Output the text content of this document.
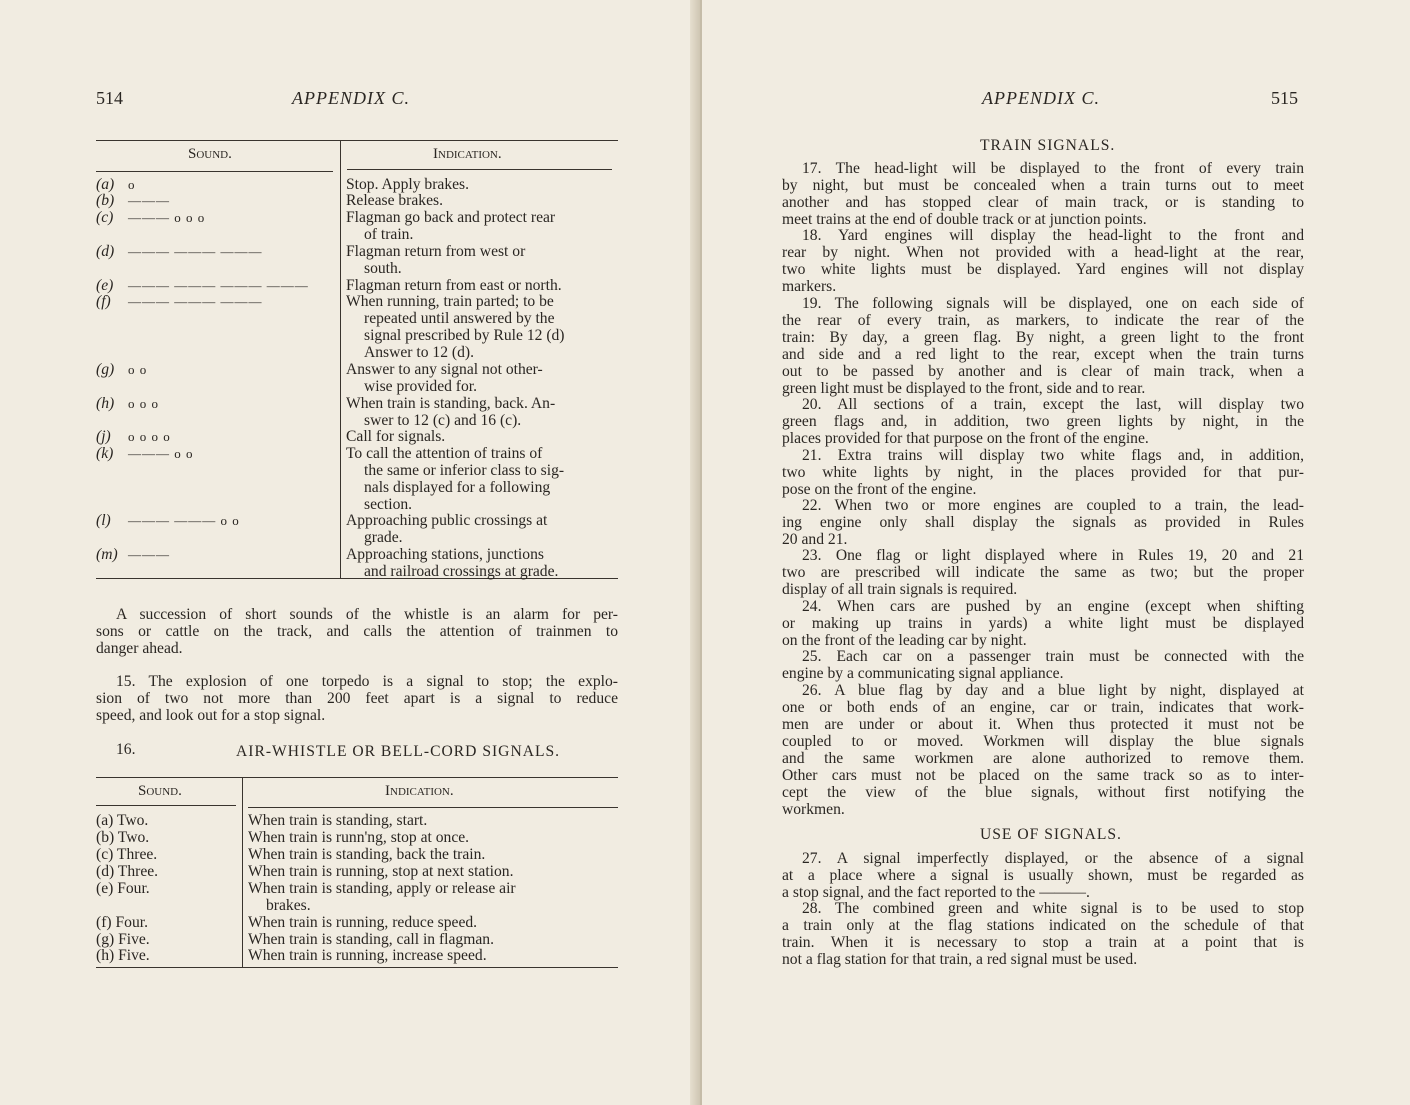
514	APPENDIX C.
Sound.	Indication.
(a)	o	Stop. Apply brakes.
(b)	———	Release brakes.
(c)	——— o o o	Flagman go back and protect rear
of train.
(d)	——— ——— ———	Flagman return from west or
south.
(e)	——— ——— ——— ———	Flagman return from east or north.
(f)	——— ——— ———	When running, train parted; to be
repeated until answered by the
signal prescribed by Rule 12 (d)
Answer to 12 (d).
(g)	o o	Answer to any signal not other-
wise provided for.
(h)	o o o	When train is standing, back. An-
swer to 12 (c) and 16 (c).
(j)	o o o o	Call for signals.
(k)	——— o o	To call the attention of trains of
the same or inferior class to sig-
nals displayed for a following
section.
(l)	——— ——— o o	Approaching public crossings at
grade.
(m) ———	Approaching stations, junctions
and railroad crossings at grade.
A succession of short sounds of the whistle is an alarm for per-
sons or cattle on the track, and calls the attention of trainmen to
danger ahead.
15. The explosion of one torpedo is a signal to stop; the explo-
sion of two not more than 200 feet apart is a signal to reduce
speed, and look out for a stop signal.
16.	AIR-WHISTLE OR BELL-CORD SIGNALS.
Sound.	Indication.
(a) Two.	When train is standing, start.
(b) Two.	When train is runn'ng, stop at once.
(c) Three.	When train is standing, back the train.
(d) Three.	When train is running, stop at next station.
(e) Four.	When train is standing, apply or release air
brakes.
(f) Four.	When train is running, reduce speed.
(g) Five.	When train is standing, call in flagman.
(h) Five.	When train is running, increase speed.
APPENDIX C.	515
TRAIN SIGNALS.
17. The head-light will be displayed to the front of every train
by night, but must be concealed when a train turns out to meet
another and has stopped clear of main track, or is standing to
meet trains at the end of double track or at junction points.
18. Yard engines will display the head-light to the front and
rear by night. When not provided with a head-light at the rear,
two white lights must be displayed. Yard engines will not display
markers.
19. The following signals will be displayed, one on each side of
the rear of every train, as markers, to indicate the rear of the
train: By day, a green flag. By night, a green light to the front
and side and a red light to the rear, except when the train turns
out to be passed by another and is clear of main track, when a
green light must be displayed to the front, side and to rear.
20. All sections of a train, except the last, will display two
green flags and, in addition, two green lights by night, in the
places provided for that purpose on the front of the engine.
21. Extra trains will display two white flags and, in addition,
two white lights by night, in the places provided for that pur-
pose on the front of the engine.
22. When two or more engines are coupled to a train, the lead-
ing engine only shall display the signals as provided in Rules
20 and 21.
23. One flag or light displayed where in Rules 19, 20 and 21
two are prescribed will indicate the same as two; but the proper
display of all train signals is required.
24. When cars are pushed by an engine (except when shifting
or making up trains in yards) a white light must be displayed
on the front of the leading car by night.
25. Each car on a passenger train must be connected with the
engine by a communicating signal appliance.
26. A blue flag by day and a blue light by night, displayed at
one or both ends of an engine, car or train, indicates that work-
men are under or about it. When thus protected it must not be
coupled to or moved. Workmen will display the blue signals
and the same workmen are alone authorized to remove them.
Other cars must not be placed on the same track so as to inter-
cept the view of the blue signals, without first notifying the
workmen.
USE OF SIGNALS.
27. A signal imperfectly displayed, or the absence of a signal
at a place where a signal is usually shown, must be regarded as
a stop signal, and the fact reported to the ———.
28. The combined green and white signal is to be used to stop
a train only at the flag stations indicated on the schedule of that
train. When it is necessary to stop a train at a point that is
not a flag station for that train, a red signal must be used.
